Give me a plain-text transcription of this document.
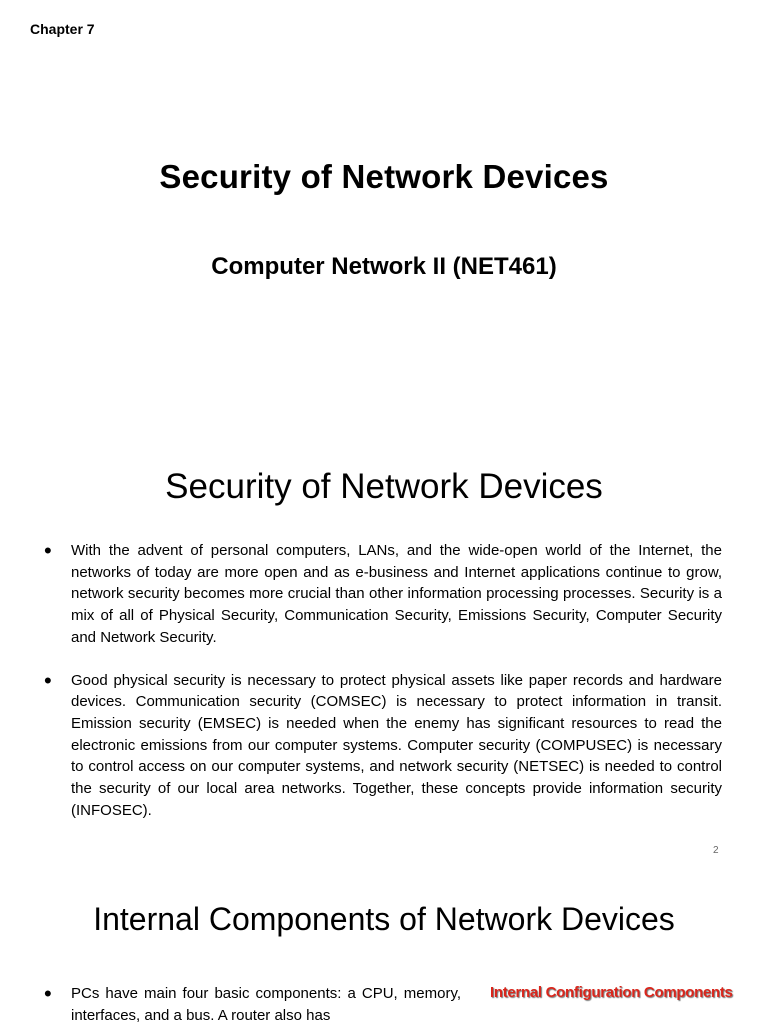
Chapter 7
Security of Network Devices
Computer Network II (NET461)
Security of Network Devices
• With the advent of personal computers, LANs, and the wide-open world of the Internet, the networks of today are more open and as e-business and Internet applications continue to grow, network security becomes more crucial than other information processing processes. Security is a mix of all of Physical Security, Communication Security, Emissions Security, Computer Security and Network Security.
• Good physical security is necessary to protect physical assets like paper records and hardware devices. Communication security (COMSEC) is necessary to protect information in transit. Emission security (EMSEC) is needed when the enemy has significant resources to read the electronic emissions from our computer systems. Computer security (COMPUSEC) is necessary to control access on our computer systems, and network security (NETSEC) is needed to control the security of our local area networks. Together, these concepts provide information security (INFOSEC).
2
Internal Components of Network Devices
• PCs have main four basic components: a CPU, memory, interfaces, and a bus. A router also has
Internal Configuration Components
